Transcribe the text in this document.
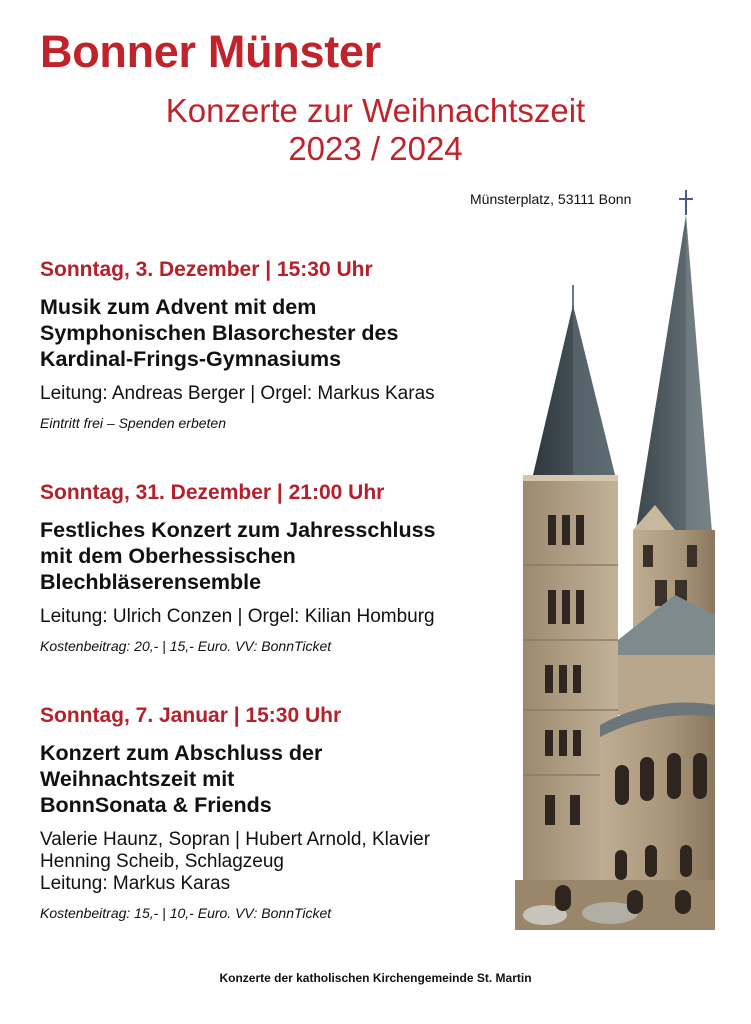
Bonner Münster
Konzerte zur Weihnachtszeit
2023 / 2024
Münsterplatz, 53111 Bonn
Sonntag, 3. Dezember | 15:30 Uhr
Musik zum Advent mit dem
Symphonischen Blasorchester des
Kardinal-Frings-Gymnasiums
Leitung: Andreas Berger | Orgel: Markus Karas
Eintritt frei – Spenden erbeten
Sonntag, 31. Dezember | 21:00 Uhr
Festliches Konzert zum Jahresschluss
mit dem Oberhessischen
Blechbläserensemble
Leitung: Ulrich Conzen | Orgel: Kilian Homburg
Kostenbeitrag: 20,- | 15,- Euro. VV: BonnTicket
Sonntag, 7. Januar | 15:30 Uhr
Konzert zum Abschluss der
Weihnachtszeit mit
BonnSonata & Friends
Valerie Haunz, Sopran | Hubert Arnold, Klavier
Henning Scheib, Schlagzeug
Leitung: Markus Karas
Kostenbeitrag: 15,- | 10,- Euro. VV: BonnTicket
Konzerte der katholischen Kirchengemeinde St. Martin
